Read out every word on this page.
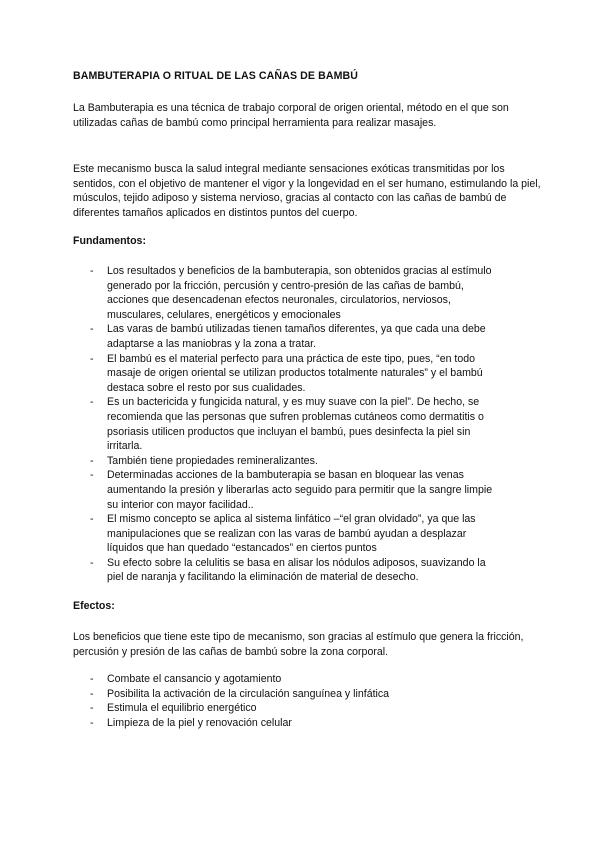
BAMBUTERAPIA O RITUAL DE LAS CAÑAS DE BAMBÚ

La Bambuterapia es una técnica de trabajo corporal de origen oriental, método en el que son utilizadas cañas de bambú como principal herramienta para realizar masajes.

Este mecanismo busca la salud integral mediante sensaciones exóticas transmitidas por los sentidos, con el objetivo de mantener el vigor y la longevidad en el ser humano, estimulando la piel, músculos, tejido adiposo y sistema nervioso, gracias al contacto con las cañas de bambú de diferentes tamaños aplicados en distintos puntos del cuerpo.

Fundamentos:

- Los resultados y beneficios de la bambuterapia, son obtenidos gracias al estímulo generado por la fricción, percusión y centro-presión de las cañas de bambú, acciones que desencadenan efectos neuronales, circulatorios, nerviosos, musculares, celulares, energéticos y emocionales
- Las varas de bambú utilizadas tienen tamaños diferentes, ya que cada una debe adaptarse a las maniobras y la zona a tratar.
- El bambú es el material perfecto para una práctica de este tipo, pues, “en todo masaje de origen oriental se utilizan productos totalmente naturales” y el bambú destaca sobre el resto por sus cualidades.
- Es un bactericida y fungicida natural, y es muy suave con la piel”. De hecho, se recomienda que las personas que sufren problemas cutáneos como dermatitis o psoriasis utilicen productos que incluyan el bambú, pues desinfecta la piel sin irritarla.
- También tiene propiedades remineralizantes.
- Determinadas acciones de la bambuterapia se basan en bloquear las venas aumentando la presión y liberarlas acto seguido para permitir que la sangre limpie su interior con mayor facilidad..
- El mismo concepto se aplica al sistema linfático –“el gran olvidado”, ya que las manipulaciones que se realizan con las varas de bambú ayudan a desplazar líquidos que han quedado “estancados” en ciertos puntos
- Su efecto sobre la celulitis se basa en alisar los nódulos adiposos, suavizando la piel de naranja y facilitando la eliminación de material de desecho.

Efectos:

Los beneficios que tiene este tipo de mecanismo, son gracias al estímulo que genera la fricción, percusión y presión de las cañas de bambú sobre la zona corporal.

- Combate el cansancio y agotamiento
- Posibilita la activación de la circulación sanguínea y linfática
- Estimula el equilibrio energético
- Limpieza de la piel y renovación celular
